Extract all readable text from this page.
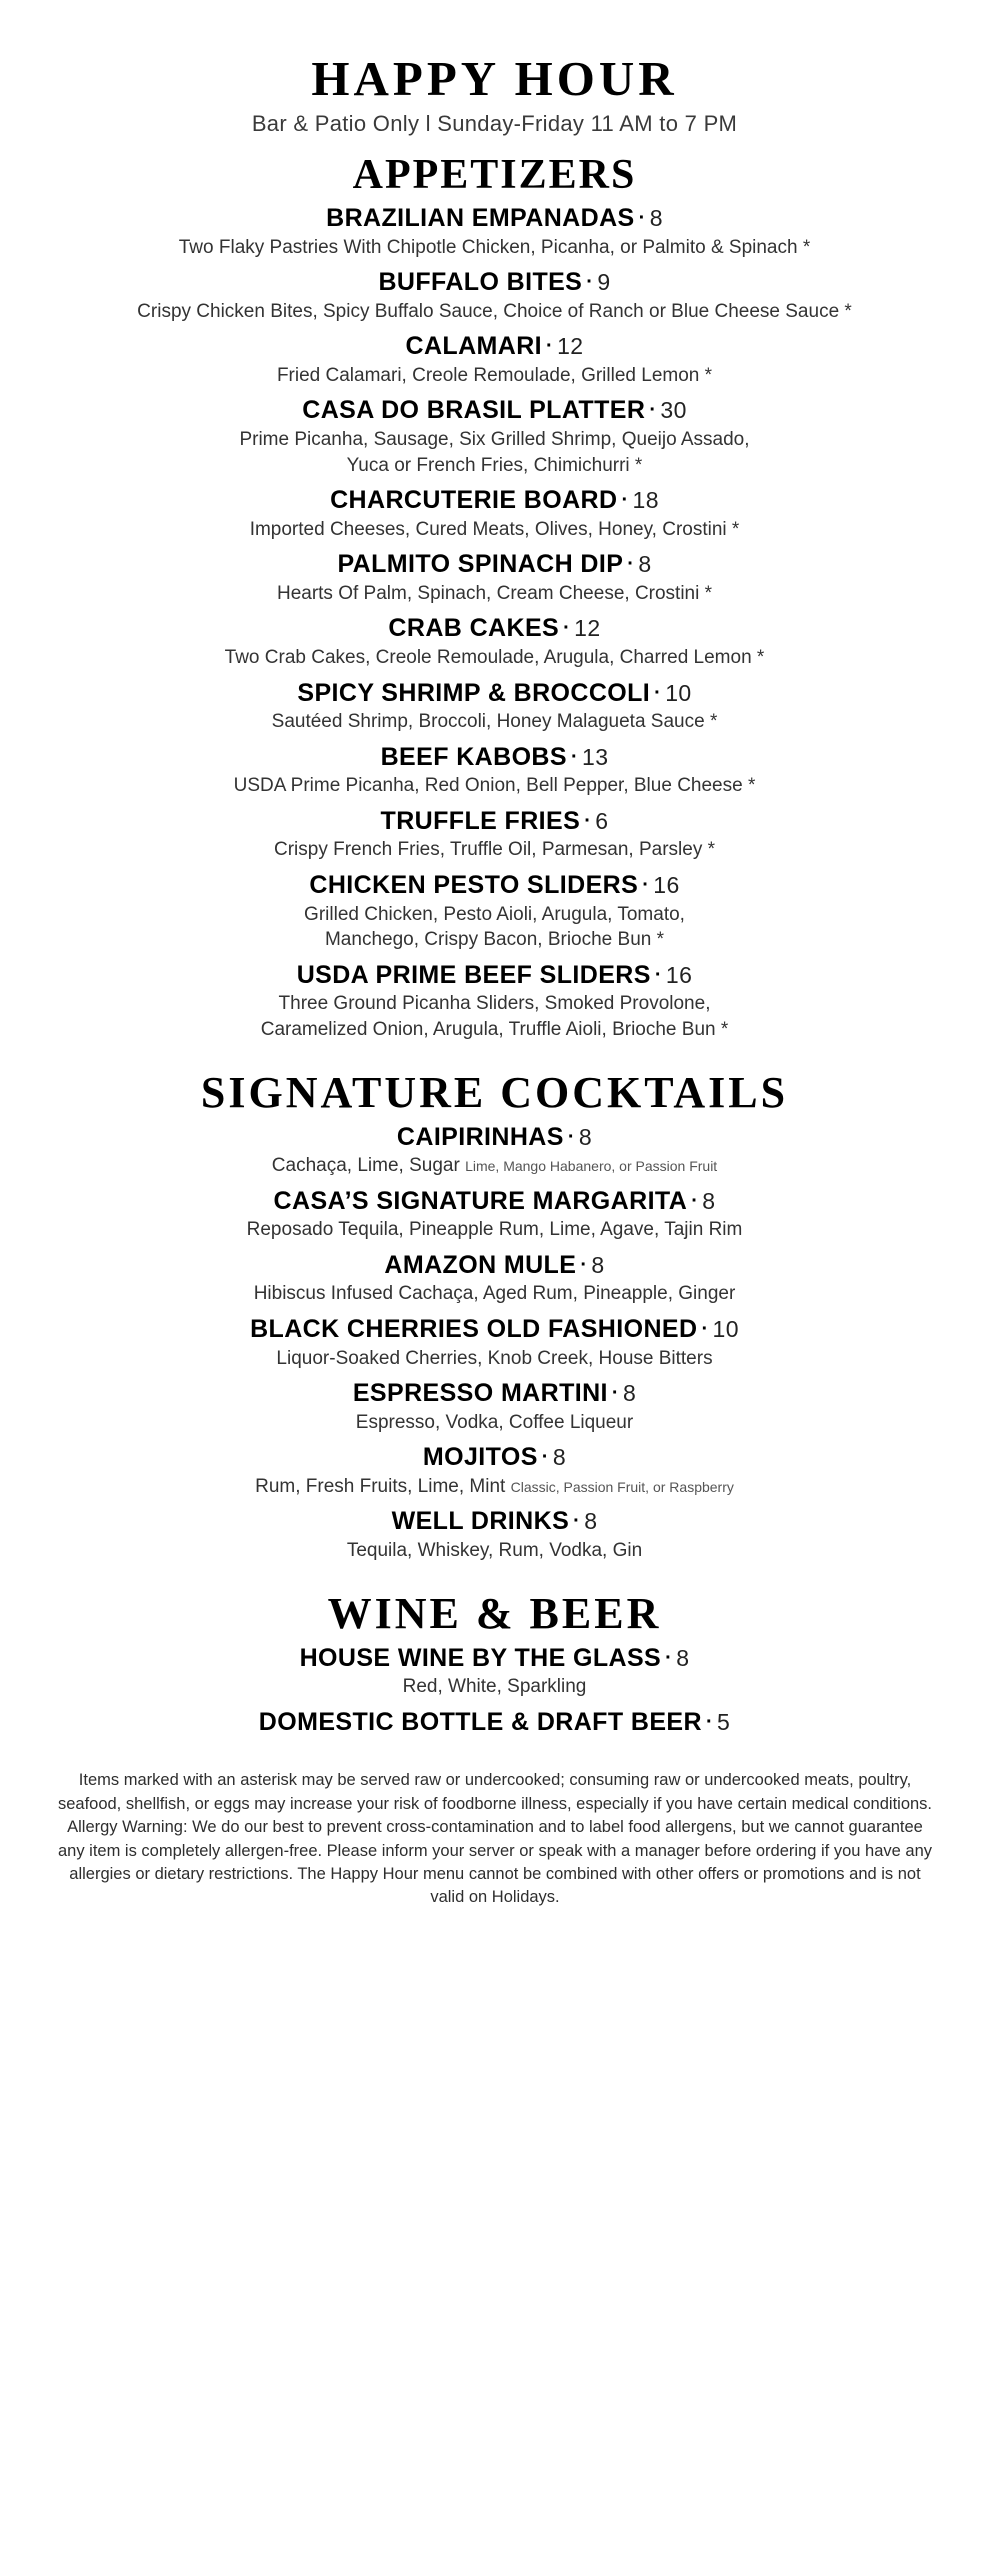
HAPPY HOUR
Bar & Patio Only l Sunday-Friday 11 AM to 7 PM
APPETIZERS
BRAZILIAN EMPANADAS · 8
Two Flaky Pastries With Chipotle Chicken, Picanha, or Palmito & Spinach *
BUFFALO BITES · 9
Crispy Chicken Bites, Spicy Buffalo Sauce, Choice of Ranch or Blue Cheese Sauce *
CALAMARI · 12
Fried Calamari, Creole Remoulade, Grilled Lemon *
CASA DO BRASIL PLATTER · 30
Prime Picanha, Sausage, Six Grilled Shrimp, Queijo Assado,
Yuca or French Fries, Chimichurri *
CHARCUTERIE BOARD · 18
Imported Cheeses, Cured Meats, Olives, Honey, Crostini *
PALMITO SPINACH DIP · 8
Hearts Of Palm, Spinach, Cream Cheese, Crostini *
CRAB CAKES · 12
Two Crab Cakes, Creole Remoulade, Arugula, Charred Lemon *
SPICY SHRIMP & BROCCOLI · 10
Sautéed Shrimp, Broccoli, Honey Malagueta Sauce *
BEEF KABOBS · 13
USDA Prime Picanha, Red Onion, Bell Pepper, Blue Cheese *
TRUFFLE FRIES · 6
Crispy French Fries, Truffle Oil, Parmesan, Parsley *
CHICKEN PESTO SLIDERS · 16
Grilled Chicken, Pesto Aioli, Arugula, Tomato,
Manchego, Crispy Bacon, Brioche Bun *
USDA PRIME BEEF SLIDERS · 16
Three Ground Picanha Sliders, Smoked Provolone,
Caramelized Onion, Arugula, Truffle Aioli, Brioche Bun *
SIGNATURE COCKTAILS
CAIPIRINHAS · 8
Cachaça, Lime, Sugar Lime, Mango Habanero, or Passion Fruit
CASA’S SIGNATURE MARGARITA · 8
Reposado Tequila, Pineapple Rum, Lime, Agave, Tajin Rim
AMAZON MULE · 8
Hibiscus Infused Cachaça, Aged Rum, Pineapple, Ginger
BLACK CHERRIES OLD FASHIONED · 10
Liquor-Soaked Cherries, Knob Creek, House Bitters
ESPRESSO MARTINI · 8
Espresso, Vodka, Coffee Liqueur
MOJITOS · 8
Rum, Fresh Fruits, Lime, Mint Classic, Passion Fruit, or Raspberry
WELL DRINKS · 8
Tequila, Whiskey, Rum, Vodka, Gin
WINE & BEER
HOUSE WINE BY THE GLASS · 8
Red, White, Sparkling
DOMESTIC BOTTLE & DRAFT BEER · 5
Items marked with an asterisk may be served raw or undercooked; consuming raw or undercooked meats, poultry, seafood, shellfish, or eggs may increase your risk of foodborne illness, especially if you have certain medical conditions. Allergy Warning: We do our best to prevent cross-contamination and to label food allergens, but we cannot guarantee any item is completely allergen-free. Please inform your server or speak with a manager before ordering if you have any allergies or dietary restrictions. The Happy Hour menu cannot be combined with other offers or promotions and is not valid on Holidays.
